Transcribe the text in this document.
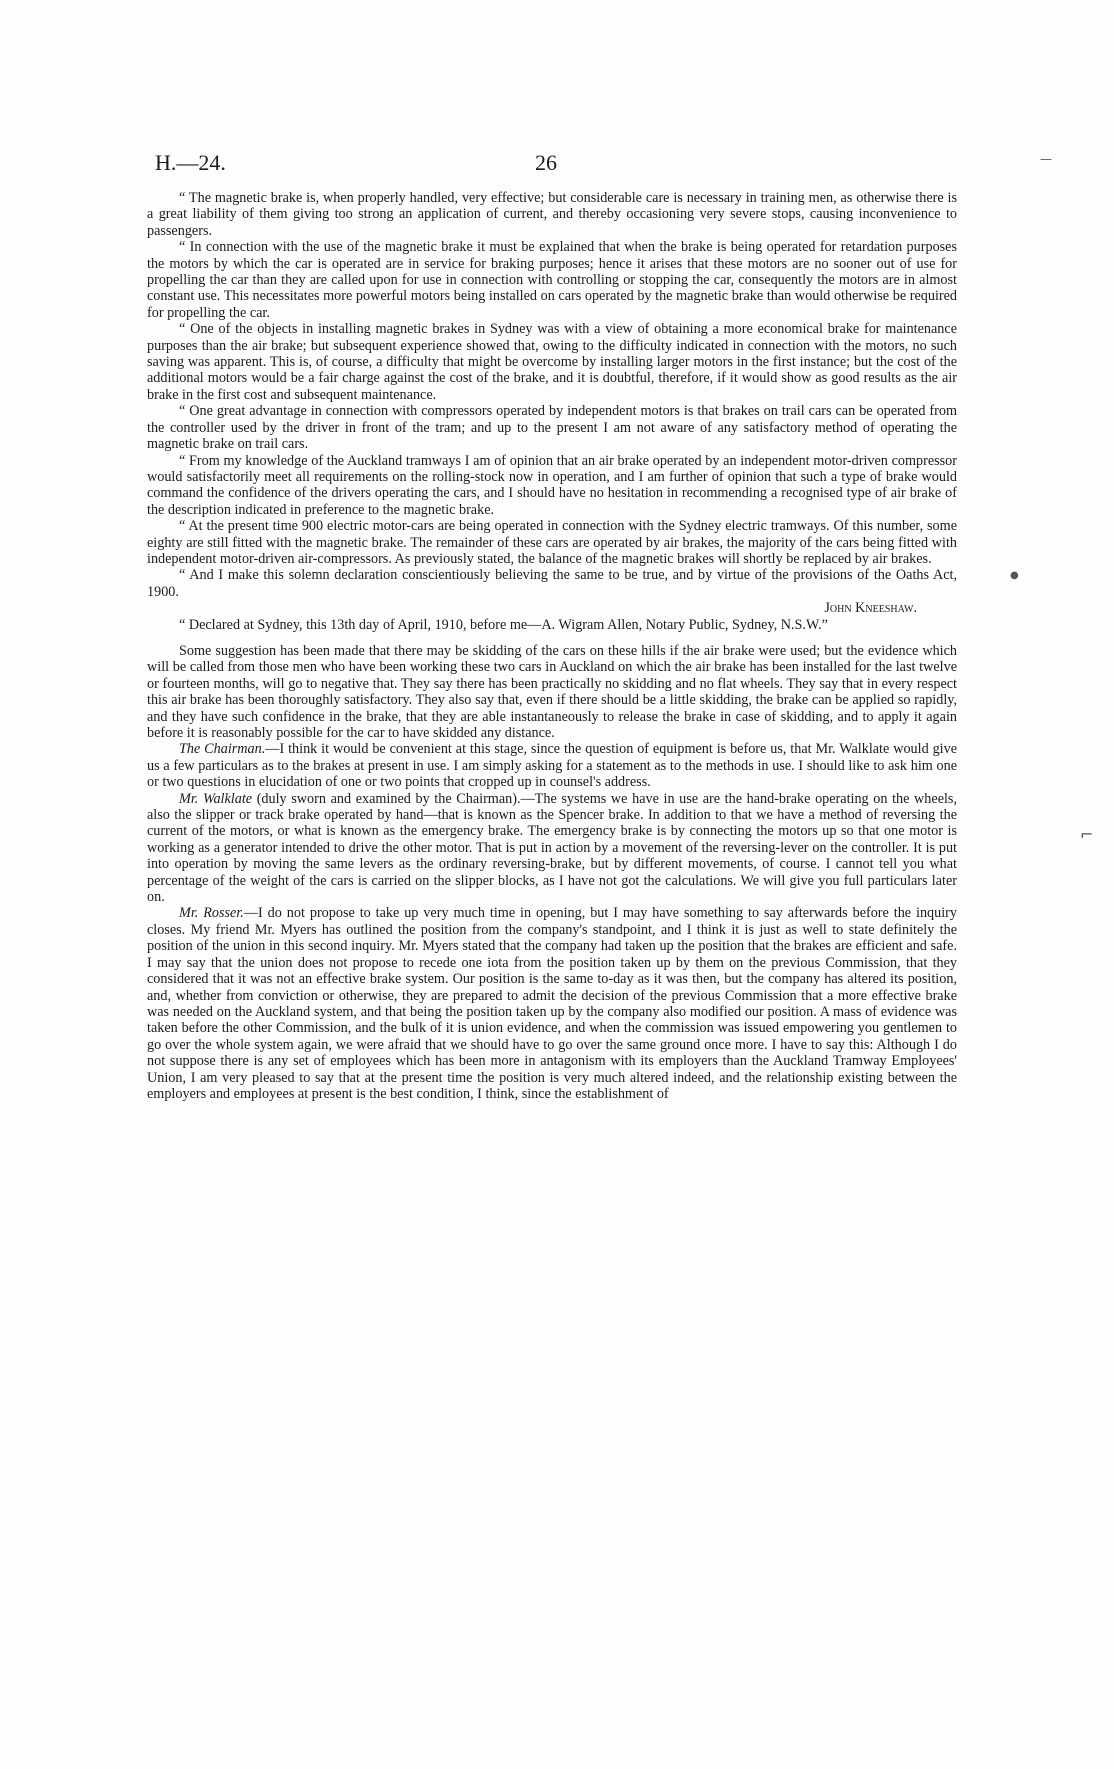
H.—24.	26

“ The magnetic brake is, when properly handled, very effective; but considerable care is necessary in training men, as otherwise there is a great liability of them giving too strong an application of current, and thereby occasioning very severe stops, causing inconvenience to passengers.

“ In connection with the use of the magnetic brake it must be explained that when the brake is being operated for retardation purposes the motors by which the car is operated are in service for braking purposes; hence it arises that these motors are no sooner out of use for propelling the car than they are called upon for use in connection with controlling or stopping the car, consequently the motors are in almost constant use. This necessitates more powerful motors being installed on cars operated by the magnetic brake than would otherwise be required for propelling the car.

“ One of the objects in installing magnetic brakes in Sydney was with a view of obtaining a more economical brake for maintenance purposes than the air brake; but subsequent experience showed that, owing to the difficulty indicated in connection with the motors, no such saving was apparent. This is, of course, a difficulty that might be overcome by installing larger motors in the first instance; but the cost of the additional motors would be a fair charge against the cost of the brake, and it is doubtful, therefore, if it would show as good results as the air brake in the first cost and subsequent maintenance.

“ One great advantage in connection with compressors operated by independent motors is that brakes on trail cars can be operated from the controller used by the driver in front of the tram; and up to the present I am not aware of any satisfactory method of operating the magnetic brake on trail cars.

“ From my knowledge of the Auckland tramways I am of opinion that an air brake operated by an independent motor-driven compressor would satisfactorily meet all requirements on the rolling-stock now in operation, and I am further of opinion that such a type of brake would command the confidence of the drivers operating the cars, and I should have no hesitation in recommending a recognised type of air brake of the description indicated in preference to the magnetic brake.

“ At the present time 900 electric motor-cars are being operated in connection with the Sydney electric tramways. Of this number, some eighty are still fitted with the magnetic brake. The remainder of these cars are operated by air brakes, the majority of the cars being fitted with independent motor-driven air-compressors. As previously stated, the balance of the magnetic brakes will shortly be replaced by air brakes.

“ And I make this solemn declaration conscientiously believing the same to be true, and by virtue of the provisions of the Oaths Act, 1900.

John Kneeshaw.

“ Declared at Sydney, this 13th day of April, 1910, before me—A. Wigram Allen, Notary Public, Sydney, N.S.W.”

Some suggestion has been made that there may be skidding of the cars on these hills if the air brake were used; but the evidence which will be called from those men who have been working these two cars in Auckland on which the air brake has been installed for the last twelve or fourteen months, will go to negative that. They say there has been practically no skidding and no flat wheels. They say that in every respect this air brake has been thoroughly satisfactory. They also say that, even if there should be a little skidding, the brake can be applied so rapidly, and they have such confidence in the brake, that they are able instantaneously to release the brake in case of skidding, and to apply it again before it is reasonably possible for the car to have skidded any distance.

The Chairman.—I think it would be convenient at this stage, since the question of equipment is before us, that Mr. Walklate would give us a few particulars as to the brakes at present in use. I am simply asking for a statement as to the methods in use. I should like to ask him one or two questions in elucidation of one or two points that cropped up in counsel's address.

Mr. Walklate (duly sworn and examined by the Chairman).—The systems we have in use are the hand-brake operating on the wheels, also the slipper or track brake operated by hand—that is known as the Spencer brake. In addition to that we have a method of reversing the current of the motors, or what is known as the emergency brake. The emergency brake is by connecting the motors up so that one motor is working as a generator intended to drive the other motor. That is put in action by a movement of the reversing-lever on the controller. It is put into operation by moving the same levers as the ordinary reversing-brake, but by different movements, of course. I cannot tell you what percentage of the weight of the cars is carried on the slipper blocks, as I have not got the calculations. We will give you full particulars later on.

Mr. Rosser.—I do not propose to take up very much time in opening, but I may have something to say afterwards before the inquiry closes. My friend Mr. Myers has outlined the position from the company's standpoint, and I think it is just as well to state definitely the position of the union in this second inquiry. Mr. Myers stated that the company had taken up the position that the brakes are efficient and safe. I may say that the union does not propose to recede one iota from the position taken up by them on the previous Commission, that they considered that it was not an effective brake system. Our position is the same to-day as it was then, but the company has altered its position, and, whether from conviction or otherwise, they are prepared to admit the decision of the previous Commission that a more effective brake was needed on the Auckland system, and that being the position taken up by the company also modified our position. A mass of evidence was taken before the other Commission, and the bulk of it is union evidence, and when the commission was issued empowering you gentlemen to go over the whole system again, we were afraid that we should have to go over the same ground once more. I have to say this: Although I do not suppose there is any set of employees which has been more in antagonism with its employers than the Auckland Tramway Employees' Union, I am very pleased to say that at the present time the position is very much altered indeed, and the relationship existing between the employers and employees at present is the best condition, I think, since the establishment of

—
●
⌐
